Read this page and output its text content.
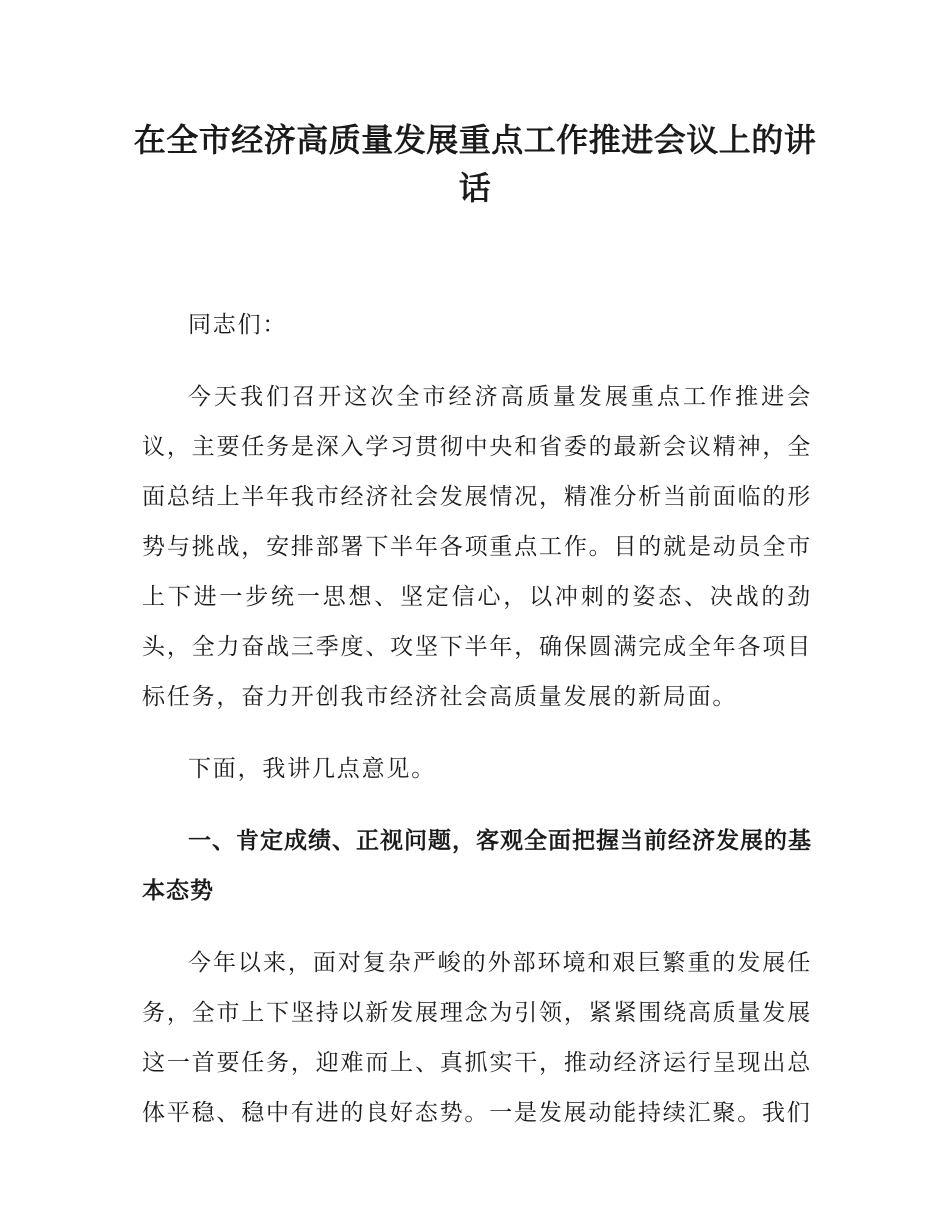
在全市经济高质量发展重点工作推进会议上的讲话

同志们：

今天我们召开这次全市经济高质量发展重点工作推进会议，主要任务是深入学习贯彻中央和省委的最新会议精神，全面总结上半年我市经济社会发展情况，精准分析当前面临的形势与挑战，安排部署下半年各项重点工作。目的就是动员全市上下进一步统一思想、坚定信心，以冲刺的姿态、决战的劲头，全力奋战三季度、攻坚下半年，确保圆满完成全年各项目标任务，奋力开创我市经济社会高质量发展的新局面。

下面，我讲几点意见。

一、肯定成绩、正视问题，客观全面把握当前经济发展的基本态势

今年以来，面对复杂严峻的外部环境和艰巨繁重的发展任务，全市上下坚持以新发展理念为引领，紧紧围绕高质量发展这一首要任务，迎难而上、真抓实干，推动经济运行呈现出总体平稳、稳中有进的良好态势。一是发展动能持续汇聚。我们
